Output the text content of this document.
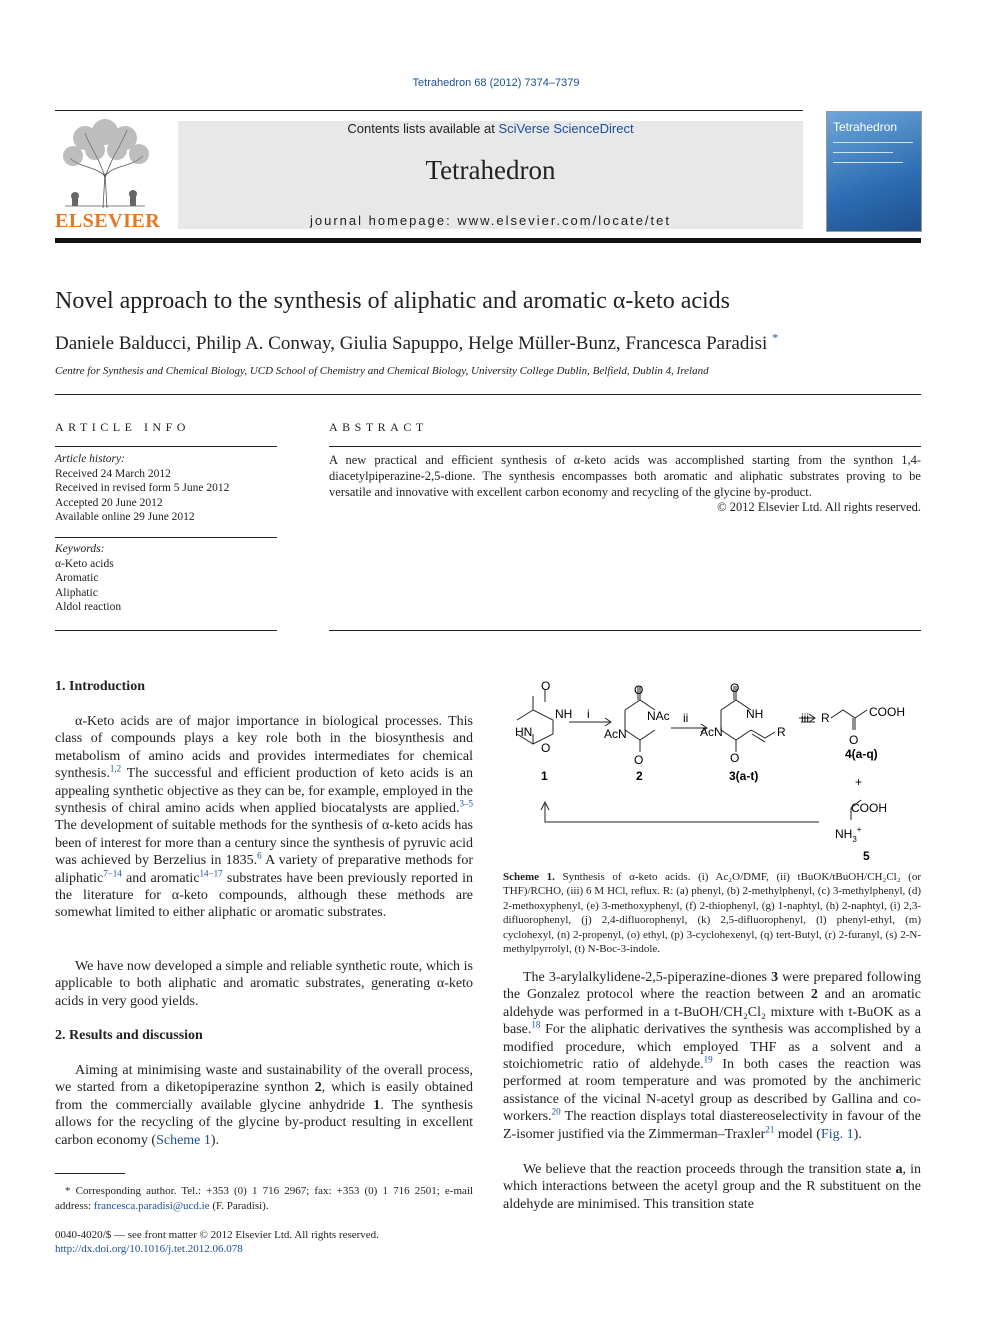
Tetrahedron 68 (2012) 7374–7379
ELSEVIER
Contents lists available at SciVerse ScienceDirect
Tetrahedron
journal homepage: www.elsevier.com/locate/tet
Tetrahedron
Novel approach to the synthesis of aliphatic and aromatic α-keto acids
Daniele Balducci, Philip A. Conway, Giulia Sapuppo, Helge Müller-Bunz, Francesca Paradisi *
Centre for Synthesis and Chemical Biology, UCD School of Chemistry and Chemical Biology, University College Dublin, Belfield, Dublin 4, Ireland
ARTICLE INFO
Article history:
Received 24 March 2012
Received in revised form 5 June 2012
Accepted 20 June 2012
Available online 29 June 2012
Keywords:
α-Keto acids
Aromatic
Aliphatic
Aldol reaction
ABSTRACT
A new practical and efficient synthesis of α-keto acids was accomplished starting from the synthon 1,4-diacetylpiperazine-2,5-dione. The synthesis encompasses both aromatic and aliphatic substrates proving to be versatile and innovative with excellent carbon economy and recycling of the glycine by-product.
© 2012 Elsevier Ltd. All rights reserved.
1. Introduction
α-Keto acids are of major importance in biological processes. This class of compounds plays a key role both in the biosynthesis and metabolism of amino acids and provides intermediates for chemical synthesis.$^{1,2}$ The successful and efficient production of keto acids is an appealing synthetic objective as they can be, for example, employed in the synthesis of chiral amino acids when applied biocatalysts are applied.$^{3-5}$ The development of suitable methods for the synthesis of α-keto acids has been of interest for more than a century since the synthesis of pyruvic acid was achieved by Berzelius in 1835.$^6$ A variety of preparative methods for aliphatic$^{7-14}$ and aromatic$^{14-17}$ substrates have been previously reported in the literature for α-keto compounds, although these methods are somewhat limited to either aliphatic or aromatic substrates.
We have now developed a simple and reliable synthetic route, which is applicable to both aliphatic and aromatic substrates, generating α-keto acids in very good yields.
2. Results and discussion
Aiming at minimising waste and sustainability of the overall process, we started from a diketopiperazine synthon 2, which is easily obtained from the commercially available glycine anhydride 1. The synthesis allows for the recycling of the glycine by-product resulting in excellent carbon economy (Scheme 1).
* Corresponding author. Tel.: +353 (0) 1 716 2967; fax: +353 (0) 1 716 2501; e-mail address: francesca.paradisi@ucd.ie (F. Paradisi).
0040-4020/$ — see front matter © 2012 Elsevier Ltd. All rights reserved.
http://dx.doi.org/10.1016/j.tet.2012.06.078
O
NH
HN
O
1
i
O
NAc
AcN
O
2
ii
O
NH
AcN	R
O
3(a-t)
iii R	COOH
O
4(a-q)
+
COOH
$NH_3^+$
5
Scheme 1. Synthesis of α-keto acids. (i) Ac₂O/DMF, (ii) tBuOK/tBuOH/CH₂Cl₂ (or THF)/RCHO, (iii) 6 M HCl, reflux. R: (a) phenyl, (b) 2-methylphenyl, (c) 3-methylphenyl, (d) 2-methoxyphenyl, (e) 3-methoxyphenyl, (f) 2-thiophenyl, (g) 1-naphtyl, (h) 2-naphtyl, (i) 2,3-difluorophenyl, (j) 2,4-difluorophenyl, (k) 2,5-difluorophenyl, (l) phenyl-ethyl, (m) cyclohexyl, (n) 2-propenyl, (o) ethyl, (p) 3-cyclohexenyl, (q) tert-Butyl, (r) 2-furanyl, (s) 2-N-methylpyrrolyl, (t) N-Boc-3-indole.
The 3-arylalkylidene-2,5-piperazine-diones 3 were prepared following the Gonzalez protocol where the reaction between 2 and an aromatic aldehyde was performed in a t-BuOH/CH₂Cl₂ mixture with t-BuOK as a base.$^{18}$ For the aliphatic derivatives the synthesis was accomplished by a modified procedure, which employed THF as a solvent and a stoichiometric ratio of aldehyde.$^{19}$ In both cases the reaction was performed at room temperature and was promoted by the anchimeric assistance of the vicinal N-acetyl group as described by Gallina and co-workers.$^{20}$ The reaction displays total diastereoselectivity in favour of the Z-isomer justified via the Zimmerman–Traxler$^{21}$ model (Fig. 1).
We believe that the reaction proceeds through the transition state a, in which interactions between the acetyl group and the R substituent on the aldehyde are minimised. This transition state
